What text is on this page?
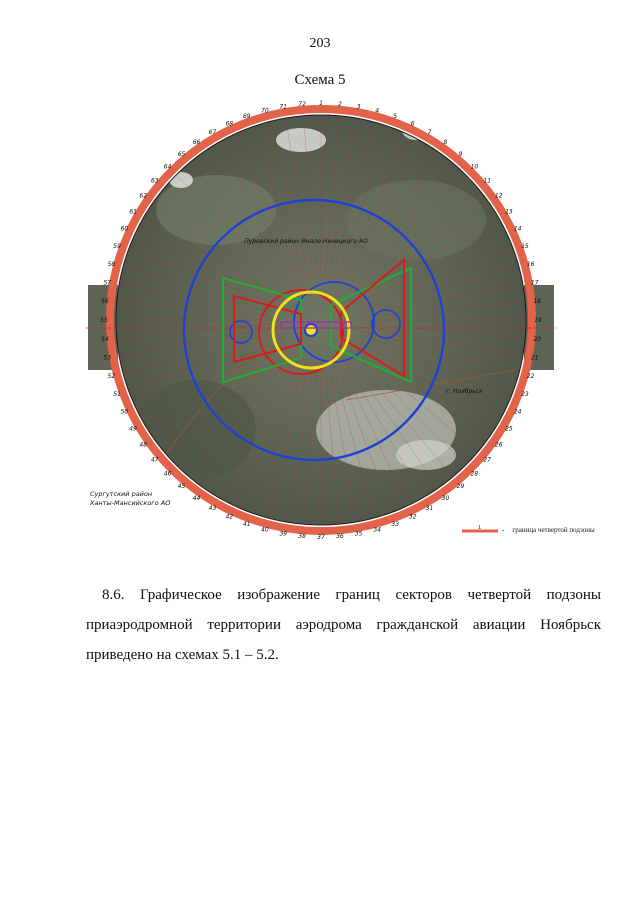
203
Схема 5
1	2 3
4
5
6
7
8
9
10
11
12
13
14
15
16
17
18
19
20
21
22
23
24
25
26
27
28
29
30
31
32
33
34
35
36
37
38
39
40
41
42
43
44
45
46
47
48
49
50
51
52
53
54
55
56
57
58
59
60
61
62
63
64
65
66
67
68
69
70
71 72
Пуровский район Ямало-Ненецкого АО
г. Ноябрьск
Сургутский район
Ханты-Мансийского АО
1	- граница четвертой подзоны
8.6. Графическое изображение границ секторов четвертой подзоны приаэродромной территории аэродрома гражданской авиации Ноябрьск приведено на схемах 5.1 – 5.2.
